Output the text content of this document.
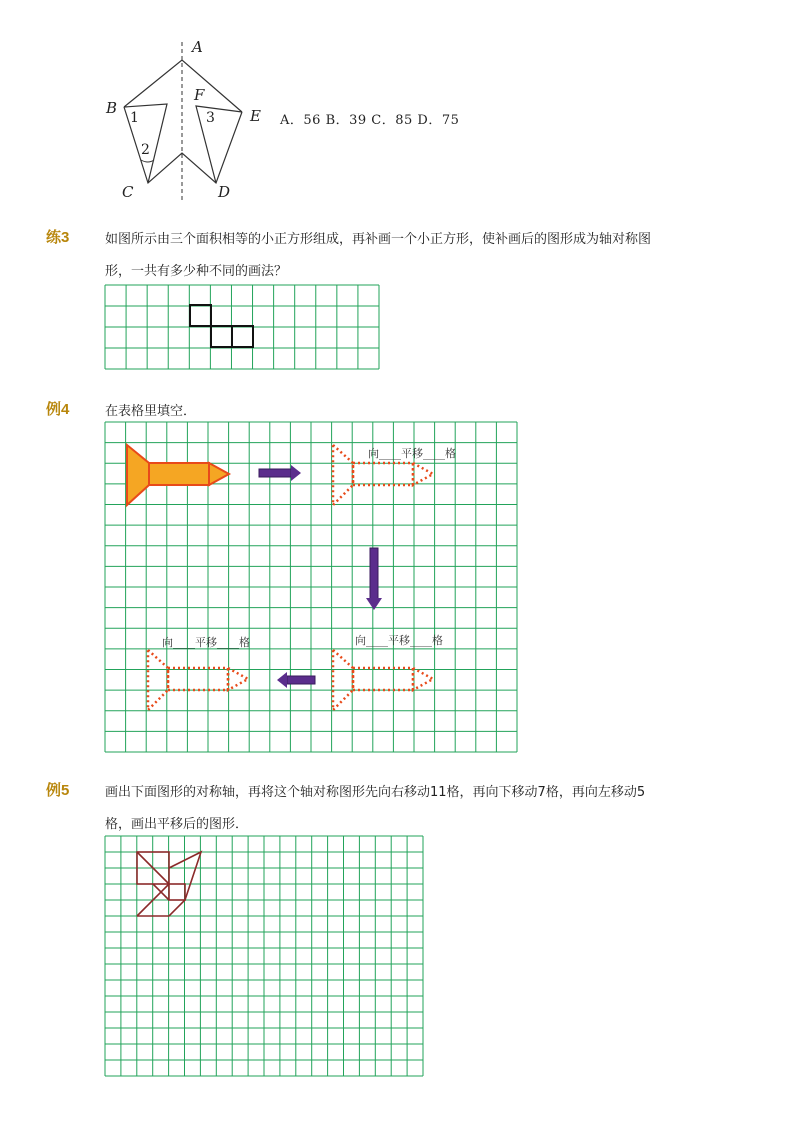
A
B
C	D
E
F
1
2
3	A．56 B．39 C．85 D．75
练3	如图所示由三个面积相等的小正方形组成，再补画一个小正方形，使补画后的图形成为轴对称图
形，一共有多少种不同的画法？
例4	在表格里填空．
向____平移____格
向____平移____格
向____平移____格
例5	画出下面图形的对称轴，再将这个轴对称图形先向右移动11格，再向下移动7格，再向左移动5
格，画出平移后的图形．
